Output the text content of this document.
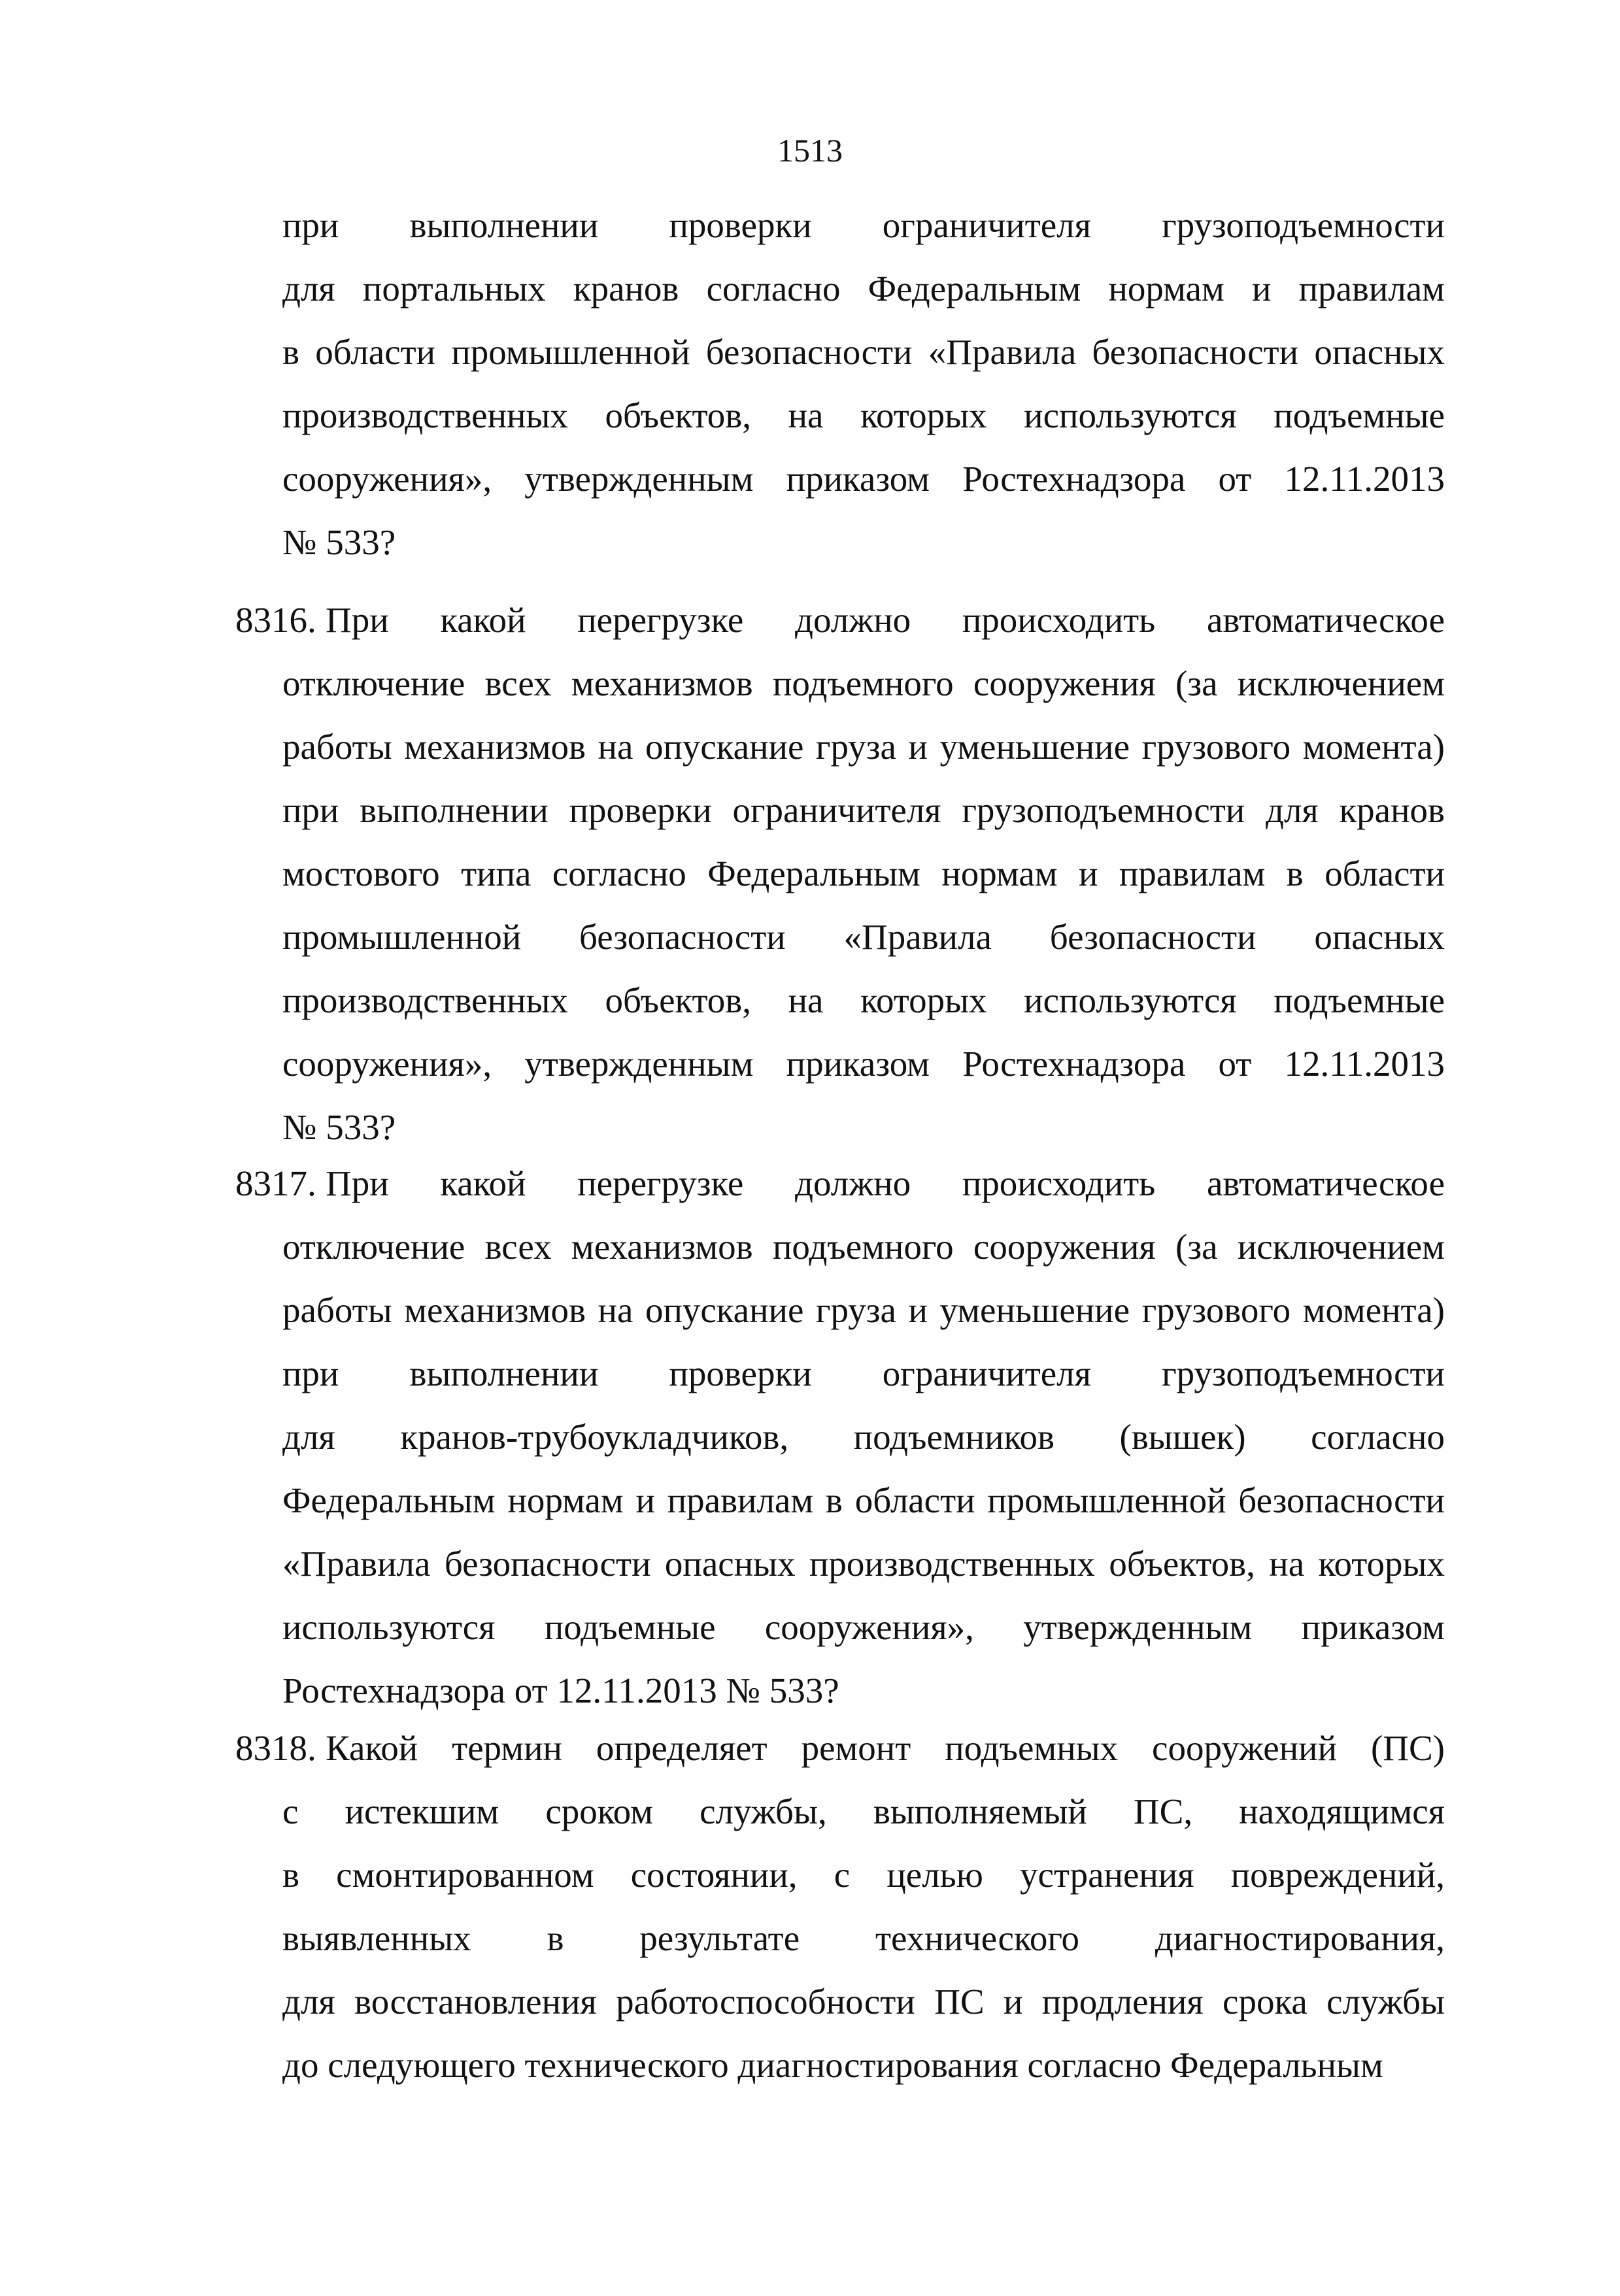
1513
при выполнении проверки ограничителя грузоподъемности
для портальных кранов согласно Федеральным нормам и правилам
в области промышленной безопасности «Правила безопасности опасных
производственных объектов, на которых используются подъемные
сооружения», утвержденным приказом Ростехнадзора от 12.11.2013
№ 533?
8316. При какой перегрузке должно происходить автоматическое
отключение всех механизмов подъемного сооружения (за исключением
работы механизмов на опускание груза и уменьшение грузового момента)
при выполнении проверки ограничителя грузоподъемности для кранов
мостового типа согласно Федеральным нормам и правилам в области
промышленной безопасности «Правила безопасности опасных
производственных объектов, на которых используются подъемные
сооружения», утвержденным приказом Ростехнадзора от 12.11.2013
№ 533?
8317. При какой перегрузке должно происходить автоматическое
отключение всех механизмов подъемного сооружения (за исключением
работы механизмов на опускание груза и уменьшение грузового момента)
при выполнении проверки ограничителя грузоподъемности
для кранов-трубоукладчиков, подъемников (вышек) согласно
Федеральным нормам и правилам в области промышленной безопасности
«Правила безопасности опасных производственных объектов, на которых
используются подъемные сооружения», утвержденным приказом
Ростехнадзора от 12.11.2013 № 533?
8318. Какой термин определяет ремонт подъемных сооружений (ПС)
с истекшим сроком службы, выполняемый ПС, находящимся
в смонтированном состоянии, с целью устранения повреждений,
выявленных в результате технического диагностирования,
для восстановления работоспособности ПС и продления срока службы
до следующего технического диагностирования согласно Федеральным
